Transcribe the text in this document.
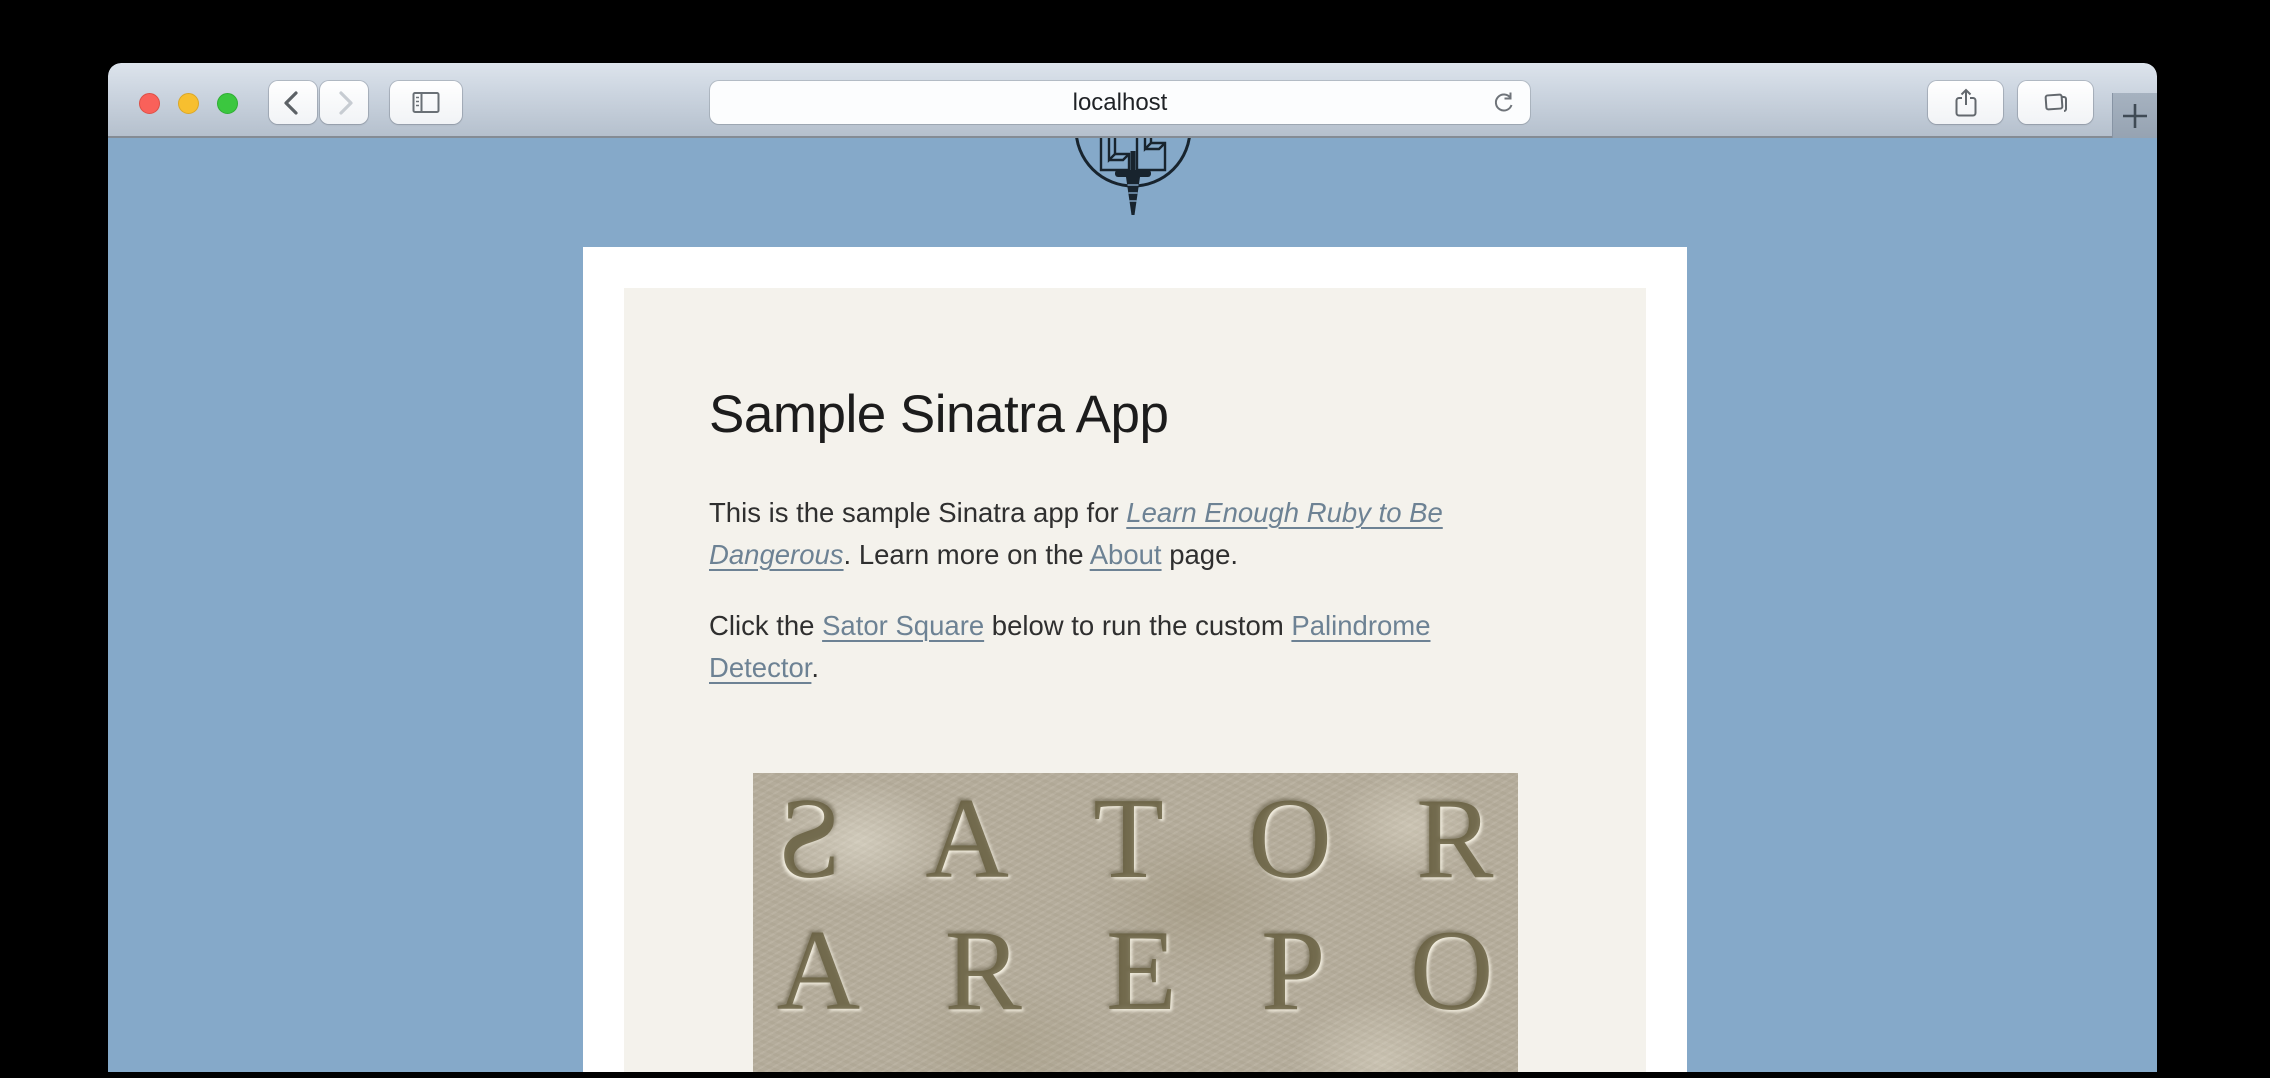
localhost
Sample Sinatra App

This is the sample Sinatra app for Learn Enough Ruby to Be Dangerous. Learn more on the About page.

Click the Sator Square below to run the custom Palindrome Detector.

S A T O R
A R E P O
